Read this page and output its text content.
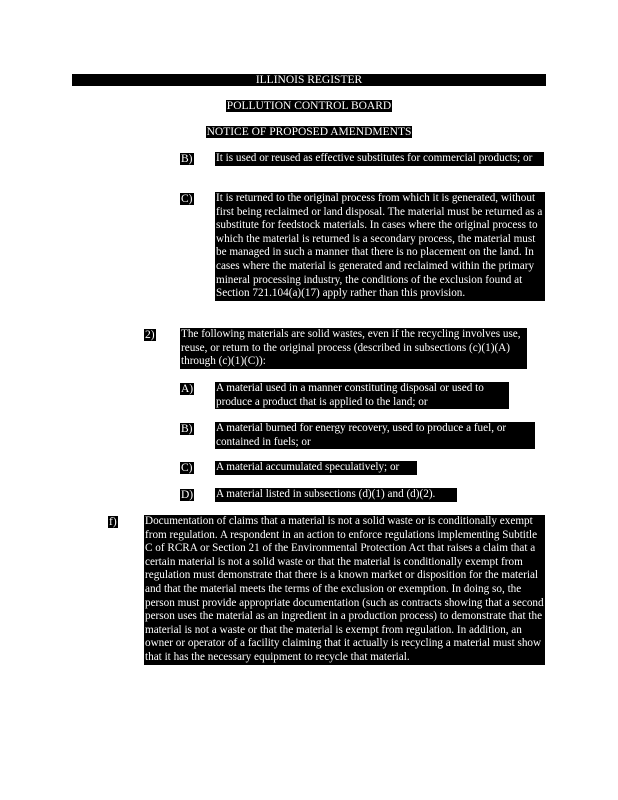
ILLINOIS REGISTER
POLLUTION CONTROL BOARD
NOTICE OF PROPOSED AMENDMENTS
B) It is used or reused as effective substitutes for commercial products; or
C) It is returned to the original process from which it is generated, without first being reclaimed or land disposal. The material must be returned as a substitute for feedstock materials. In cases where the original process to which the material is returned is a secondary process, the material must be managed in such a manner that there is no placement on the land. In cases where the material is generated and reclaimed within the primary mineral processing industry, the conditions of the exclusion found at Section 721.104(a)(17) apply rather than this provision.
2) The following materials are solid wastes, even if the recycling involves use, reuse, or return to the original process (described in subsections (c)(1)(A) through (c)(1)(C)):
A) A material used in a manner constituting disposal or used to produce a product that is applied to the land; or
B) A material burned for energy recovery, used to produce a fuel, or contained in fuels; or
C) A material accumulated speculatively; or
D) A material listed in subsections (d)(1) and (d)(2).
f)	Documentation of claims that a material is not a solid waste or is conditionally exempt from regulation. A respondent in an action to enforce regulations implementing Subtitle C of RCRA or Section 21 of the Environmental Protection Act that raises a claim that a certain material is not a solid waste or that the material is conditionally exempt from regulation must demonstrate that there is a known market or disposition for the material and that the material meets the terms of the exclusion or exemption. In doing so, the person must provide appropriate documentation (such as contracts showing that a second person uses the material as an ingredient in a production process) to demonstrate that the material is not a waste or that the material is exempt from regulation. In addition, an owner or operator of a facility claiming that it actually is recycling a material must show that it has the necessary equipment to recycle that material.
